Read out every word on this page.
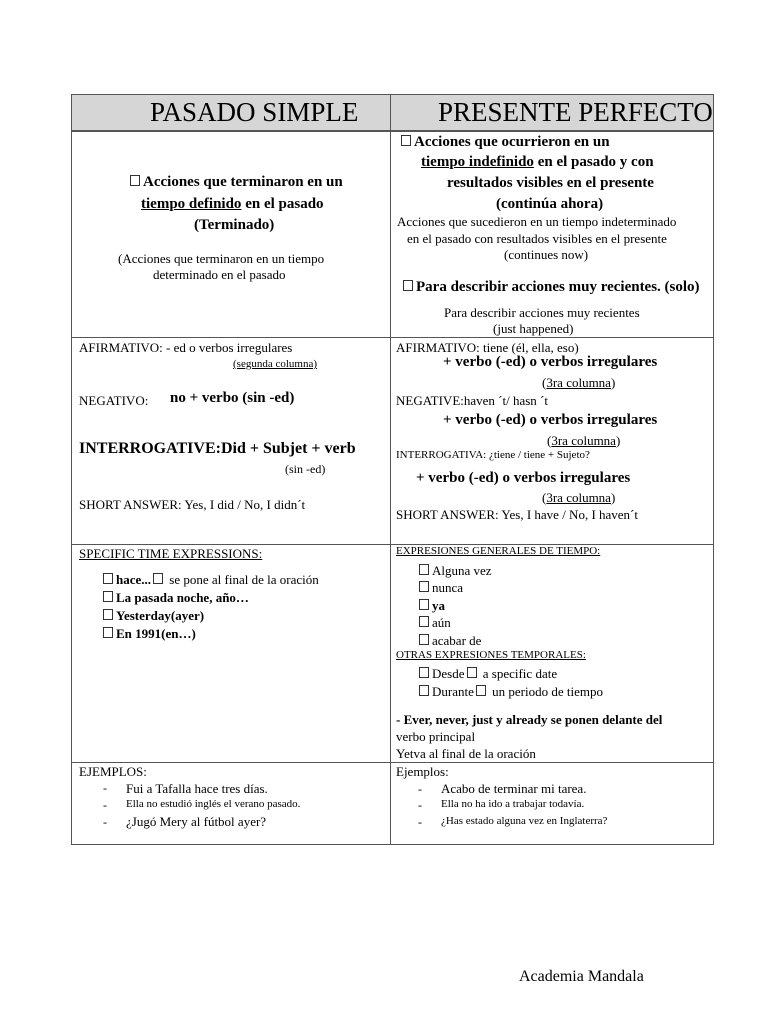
PASADO SIMPLE	PRESENTE PERFECTO
Acciones que terminaron en un
tiempo definido en el pasado
(Terminado)
(Acciones que terminaron en un tiempo
determinado en el pasado
Acciones que ocurrieron en un
tiempo indefinido en el pasado y con
resultados visibles en el presente
(continúa ahora)
Acciones que sucedieron en un tiempo indeterminado
en el pasado con resultados visibles en el presente
(continues now)
Para describir acciones muy recientes. (solo)
Para describir acciones muy recientes
(just happened)
AFIRMATIVO: - ed o verbos irregulares
(segunda columna)
NEGATIVO: no + verbo (sin -ed)
INTERROGATIVE:Did + Subjet + verb
(sin -ed)
SHORT ANSWER: Yes, I did / No, I didn´t
AFIRMATIVO: tiene (él, ella, eso)
+ verbo (-ed) o verbos irregulares
(3ra columna)
NEGATIVE:haven ´t/ hasn ´t
+ verbo (-ed) o verbos irregulares
(3ra columna)
INTERROGATIVA: ¿tiene / tiene + Sujeto?
+ verbo (-ed) o verbos irregulares
(3ra columna)
SHORT ANSWER: Yes, I have / No, I haven´t
SPECIFIC TIME EXPRESSIONS:
hace... se pone al final de la oración
La pasada noche, año…
Yesterday(ayer)
En 1991(en…)
EXPRESIONES GENERALES DE TIEMPO:
Alguna vez
nunca
ya
aún
acabar de
OTRAS EXPRESIONES TEMPORALES:
Desde a specific date
Durante un periodo de tiempo
- Ever, never, just y already se ponen delante del
verbo principal
Yetva al final de la oración
EJEMPLOS:
- Fui a Tafalla hace tres días.
- Ella no estudió inglés el verano pasado.
- ¿Jugó Mery al fútbol ayer?
Ejemplos:
- Acabo de terminar mi tarea.
- Ella no ha ido a trabajar todavía.
- ¿Has estado alguna vez en Inglaterra?
Academia Mandala
